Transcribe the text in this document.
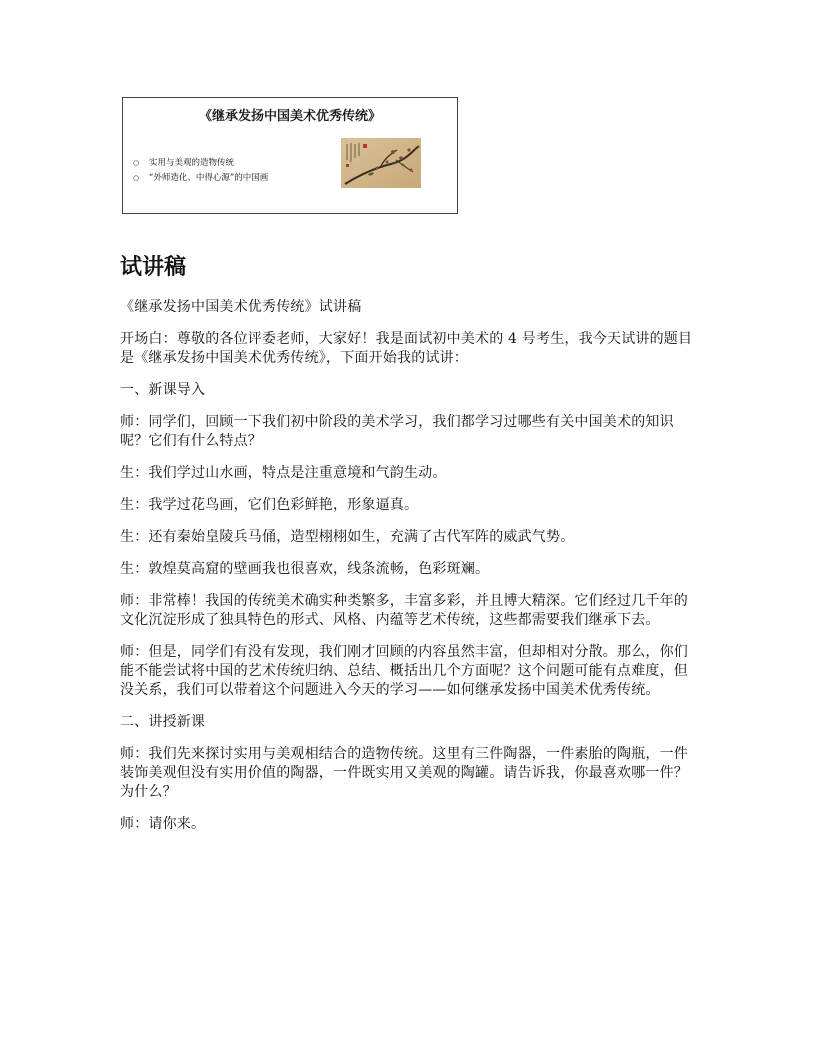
《继承发扬中国美术优秀传统》
○ 实用与美观的造物传统
○ “外师造化、中得心源”的中国画
试讲稿

《继承发扬中国美术优秀传统》试讲稿

开场白：尊敬的各位评委老师，大家好！我是面试初中美术的 4 号考生，我今天试讲的题目是《继承发扬中国美术优秀传统》，下面开始我的试讲：

一、新课导入

师：同学们，回顾一下我们初中阶段的美术学习，我们都学习过哪些有关中国美术的知识呢？它们有什么特点？

生：我们学过山水画，特点是注重意境和气韵生动。

生：我学过花鸟画，它们色彩鲜艳，形象逼真。

生：还有秦始皇陵兵马俑，造型栩栩如生，充满了古代军阵的威武气势。

生：敦煌莫高窟的壁画我也很喜欢，线条流畅，色彩斑斓。

师：非常棒！我国的传统美术确实种类繁多，丰富多彩，并且博大精深。它们经过几千年的文化沉淀形成了独具特色的形式、风格、内蕴等艺术传统，这些都需要我们继承下去。

师：但是，同学们有没有发现，我们刚才回顾的内容虽然丰富，但却相对分散。那么，你们能不能尝试将中国的艺术传统归纳、总结、概括出几个方面呢？这个问题可能有点难度，但没关系，我们可以带着这个问题进入今天的学习——如何继承发扬中国美术优秀传统。

二、讲授新课

师：我们先来探讨实用与美观相结合的造物传统。这里有三件陶器，一件素胎的陶瓶，一件装饰美观但没有实用价值的陶器，一件既实用又美观的陶罐。请告诉我，你最喜欢哪一件？为什么？

师：请你来。
